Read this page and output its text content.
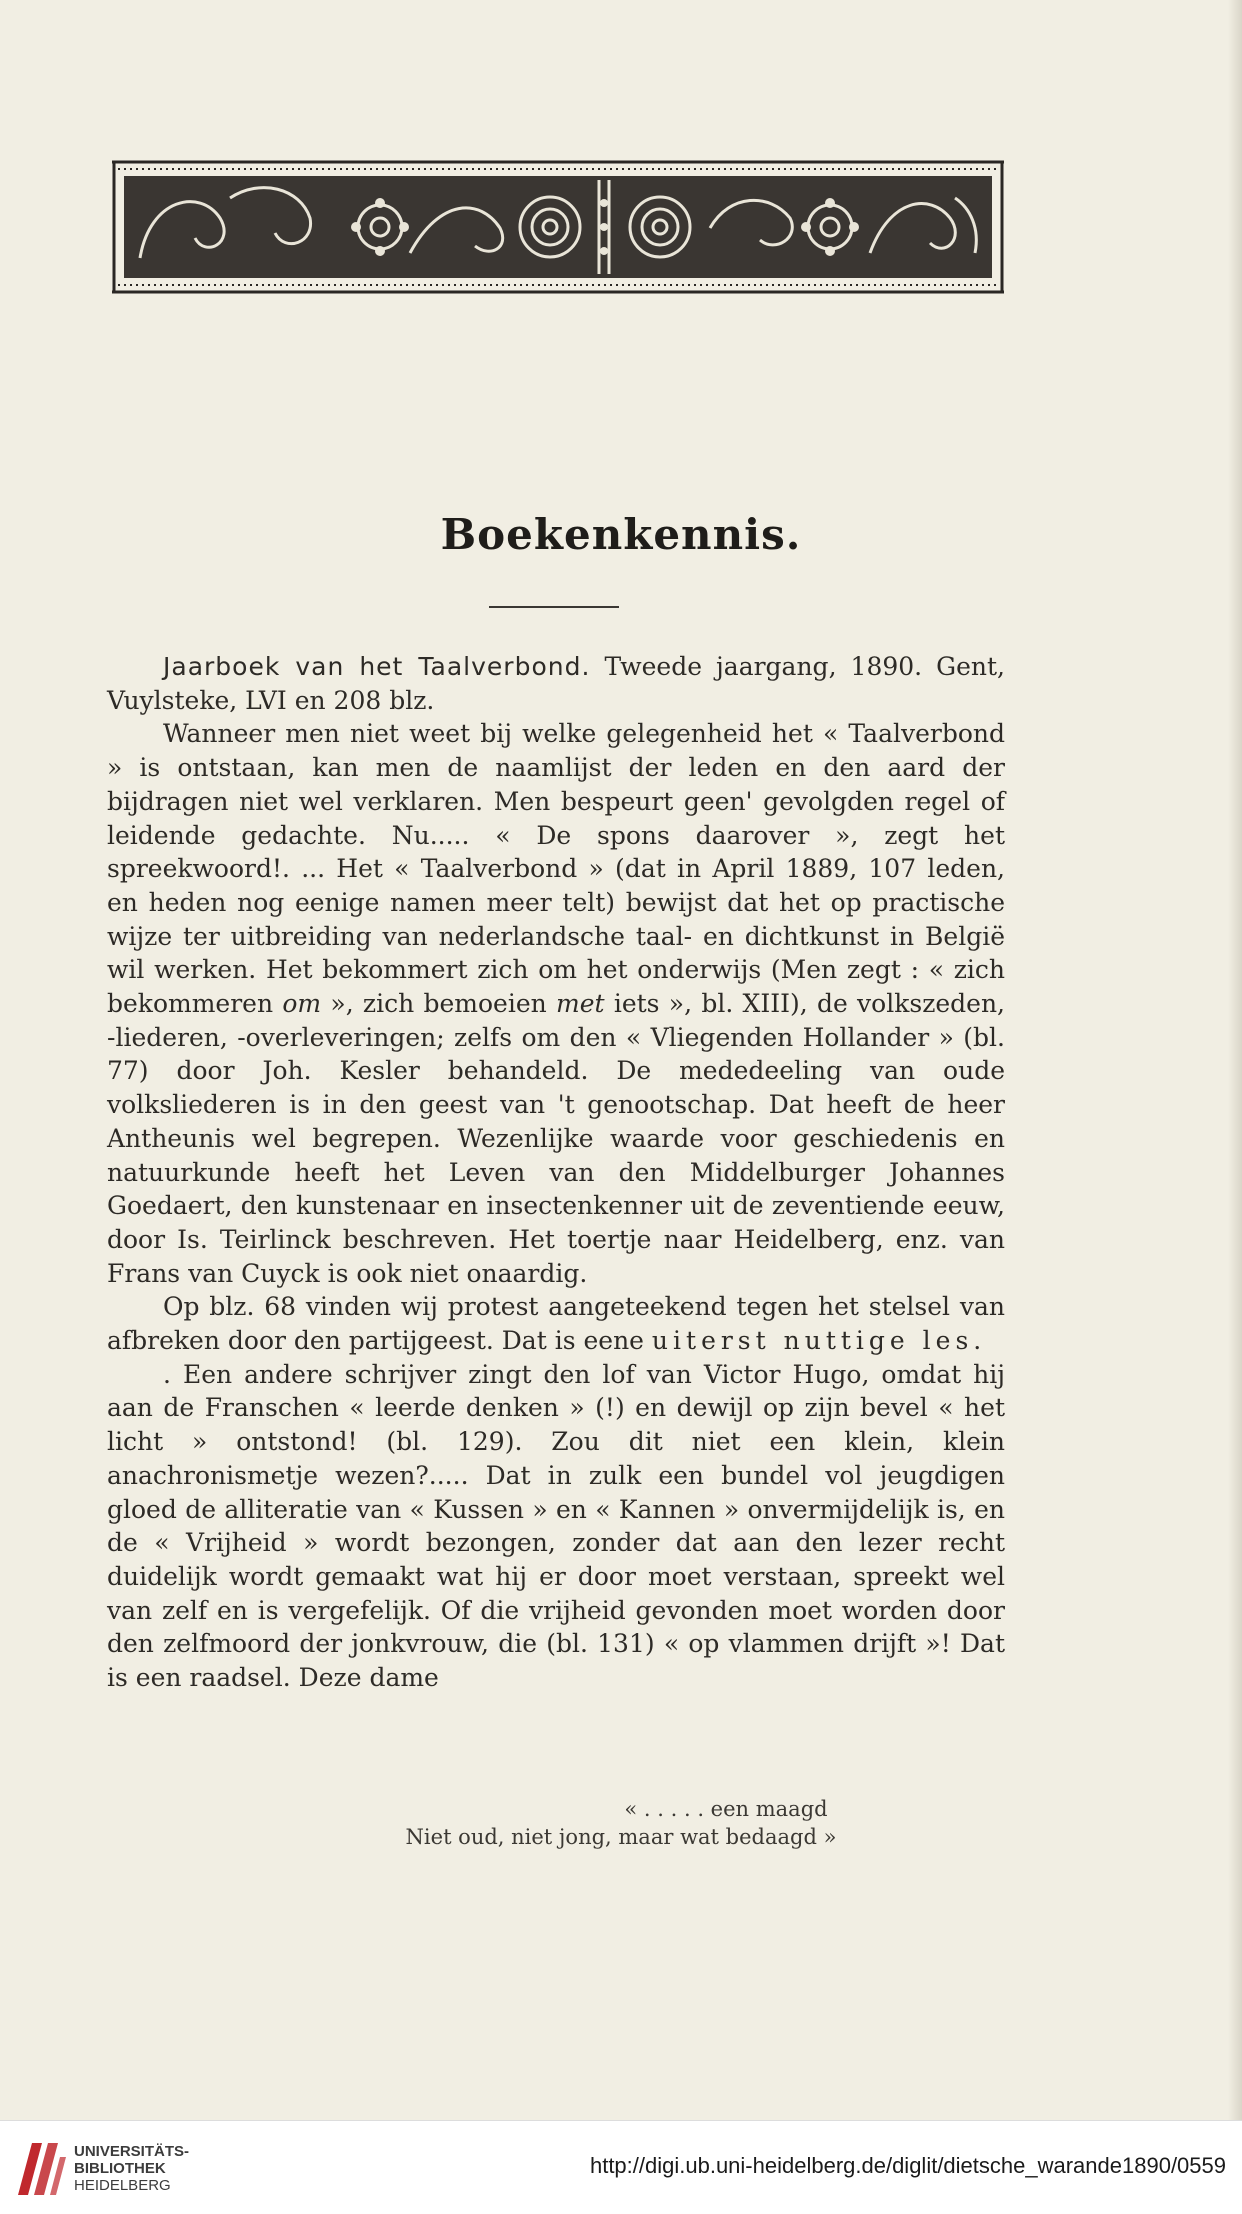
Boekenkennis.

Jaarboek van het Taalverbond. Tweede jaargang, 1890. Gent, Vuylsteke, LVI en 208 blz.

Wanneer men niet weet bij welke gelegenheid het « Taalverbond » is ontstaan, kan men de naamlijst der leden en den aard der bijdragen niet wel verklaren. Men bespeurt geen' gevolgden regel of leidende gedachte. Nu..... « De spons daarover », zegt het spreekwoord!. ... Het « Taalverbond » (dat in April 1889, 107 leden, en heden nog eenige namen meer telt) bewijst dat het op practische wijze ter uitbreiding van nederlandsche taal- en dichtkunst in België wil werken. Het bekommert zich om het onderwijs (Men zegt : « zich bekommeren om », zich bemoeien met iets », bl. XIII), de volkszeden, -liederen, -overleveringen; zelfs om den « Vliegenden Hollander » (bl. 77) door Joh. Kesler behandeld. De mededeeling van oude volksliederen is in den geest van 't genootschap. Dat heeft de heer Antheunis wel begrepen. Wezenlijke waarde voor geschiedenis en natuurkunde heeft het Leven van den Middelburger Johannes Goedaert, den kunstenaar en insectenkenner uit de zeventiende eeuw, door Is. Teirlinck beschreven. Het toertje naar Heidelberg, enz. van Frans van Cuyck is ook niet onaardig.

Op blz. 68 vinden wij protest aangeteekend tegen het stelsel van afbreken door den partijgeest. Dat is eene uiterst nuttige les.

. Een andere schrijver zingt den lof van Victor Hugo, omdat hij aan de Franschen « leerde denken » (!) en dewijl op zijn bevel « het licht » ontstond! (bl. 129). Zou dit niet een klein, klein anachronismetje wezen?..... Dat in zulk een bundel vol jeugdigen gloed de alliteratie van « Kussen » en « Kannen » onvermijdelijk is, en de « Vrijheid » wordt bezongen, zonder dat aan den lezer recht duidelijk wordt gemaakt wat hij er door moet verstaan, spreekt wel van zelf en is vergefelijk. Of die vrijheid gevonden moet worden door den zelfmoord der jonkvrouw, die (bl. 131) « op vlammen drijft »! Dat is een raadsel. Deze dame

« . . . . . een maagd
Niet oud, niet jong, maar wat bedaagd »
UNIVERSITÄTS-
BIBLIOTHEK
HEIDELBERG
http://digi.ub.uni-heidelberg.de/diglit/dietsche_warande1890/0559
